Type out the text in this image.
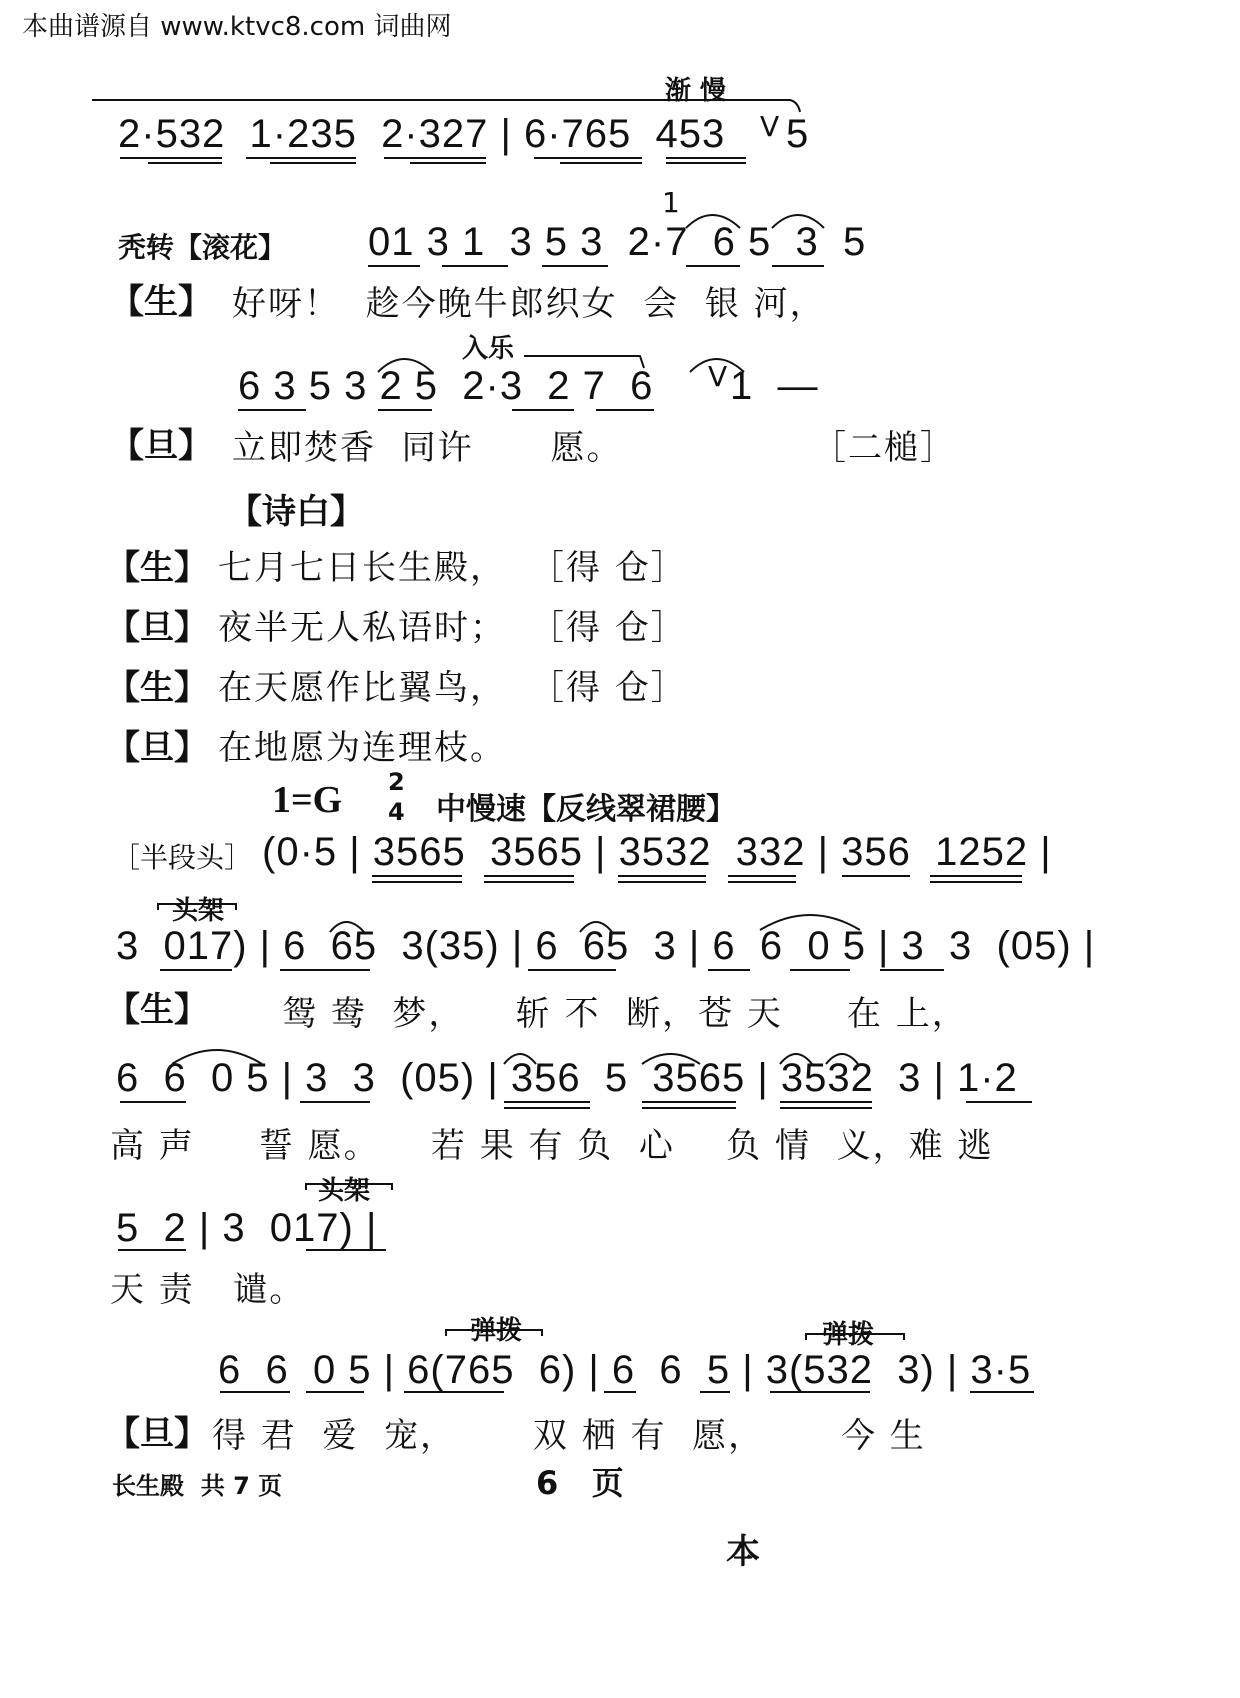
本曲谱源自 www.ktvc8.com 词曲网
渐 慢
2·532  1·235  2·327 | 6·765  453 V 5
秃转【滚花】
1
01 3 1  3 5 3  2·7  6 5  3  5
【生】 好呀！  趁今晚牛郎织女  会  银 河，
入乐
6 3 5 3 2 5  2·3  2 7  6 V 1  —
【旦】 立即焚香  同许      愿。	［二槌］
【诗白】
【生】 七月七日长生殿， ［得 仓］
【旦】 夜半无人私语时； ［得 仓］
【生】 在天愿作比翼鸟， ［得 仓］
【旦】 在地愿为连理枝。
1=G 2
4 中慢速【反线翠裙腰】
［半段头］ (0·5 | 3565  3565 | 3532  332 | 356  1252 |
头架
3  017) | 6  65  3(35) | 6  65  3 | 6  6  0 5 | 3  3  (05) |
【生】 鸳 鸯  梦，    斩 不  断，苍 天     在 上，
6  6  0 5 | 3  3  (05) | 356  5  3565 | 3532  3 | 1·2
高 声     誓 愿。    若 果 有 负  心    负 情  义，难 逃
头架
5  2 | 3  017) |
天 责   谴。
弹拨	弹拨
6  6  0 5 | 6(765  6) | 6  6  5 | 3(532  3) | 3·5
【旦】 得 君  爱  宠，      双 栖 有  愿，      今 生
长生殿  共 7 页	6   页
本
